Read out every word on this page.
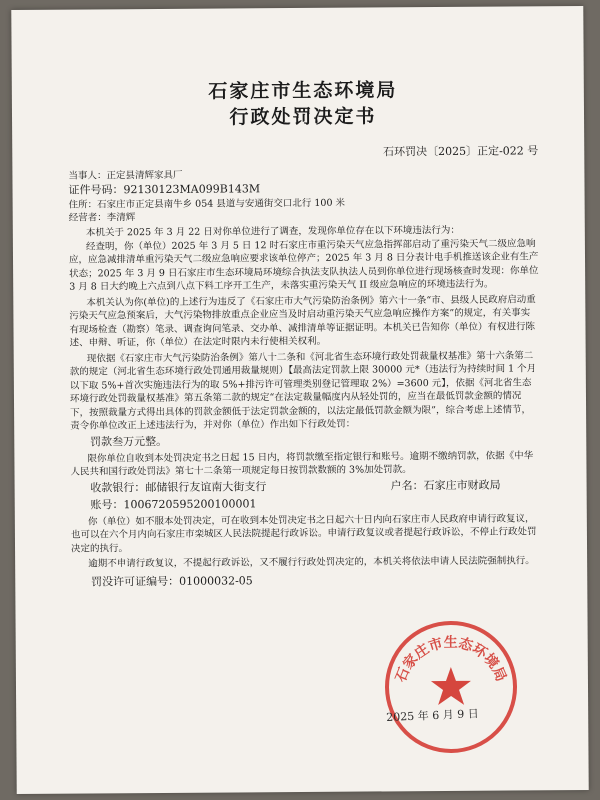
石家庄市生态环境局
行政处罚决定书
石环罚决〔2025〕正定-022 号

当事人：正定县清辉家具厂

证件号码：92130123MA099B143M

住所：石家庄市正定县南牛乡 054 县道与安通街交口北行 100 米

经营者：李清辉

本机关于 2025 年 3 月 22 日对你单位进行了调查，发现你单位存在以下环境违法行为：

经查明，你（单位）2025 年 3 月 5 日 12 时石家庄市重污染天气应急指挥部启动了重污染天气二级应急响应，应急减排清单重污染天气二级应急响应要求该单位停产；2025 年 3 月 8 日分表计电手机推送该企业有生产状态；2025 年 3 月 9 日石家庄市生态环境局环境综合执法支队执法人员到你单位进行现场核查时发现：你单位 3 月 8 日大约晚上六点到八点下料工序开工生产，未落实重污染天气 II 级应急响应的环境违法行为。

本机关认为你(单位)的上述行为违反了《石家庄市大气污染防治条例》第六十一条“市、县级人民政府启动重污染天气应急预案后，大气污染物排放重点企业应当及时启动重污染天气应急响应操作方案”的规定，有关事实有现场检查（勘察）笔录、调查询问笔录、交办单、减排清单等证据证明。本机关已告知你（单位）有权进行陈述、申辩、听证，你（单位）在法定时限内未行使相关权利。

现依据《石家庄市大气污染防治条例》第八十二条和《河北省生态环境行政处罚裁量权基准》第十六条第二款的规定（河北省生态环境行政处罚通用裁量规则）【最高法定罚款上限 30000 元*（违法行为持续时间 1 个月以下取 5%+首次实施违法行为的取 5%+排污许可管理类别登记管理取 2%）=3600 元】，依据《河北省生态环境行政处罚裁量权基准》第五条第二款的规定“在法定裁量幅度内从轻处罚的，应当在最低罚款金额的情况下，按照裁量方式得出具体的罚款金额低于法定罚款金额的，以法定最低罚款金额为限”，综合考虑上述情节，责令你单位改正上述违法行为，并对你（单位）作出如下行政处罚：

罚款叁万元整。

限你单位自收到本处罚决定书之日起 15 日内，将罚款缴至指定银行和账号。逾期不缴纳罚款，依据《中华人民共和国行政处罚法》第七十二条第一项规定每日按罚款数额的 3%加处罚款。

收款银行：邮储银行友谊南大街支行	户名：石家庄市财政局

账号：1006720595200100001

你（单位）如不服本处罚决定，可在收到本处罚决定书之日起六十日内向石家庄市人民政府申请行政复议，也可以在六个月内向石家庄市栾城区人民法院提起行政诉讼。申请行政复议或者提起行政诉讼，不停止行政处罚决定的执行。

逾期不申请行政复议，不提起行政诉讼，又不履行行政处罚决定的，本机关将依法申请人民法院强制执行。

罚没许可证编号：01000032-05

石家庄市生态环境局
2025 年 6 月 9 日
